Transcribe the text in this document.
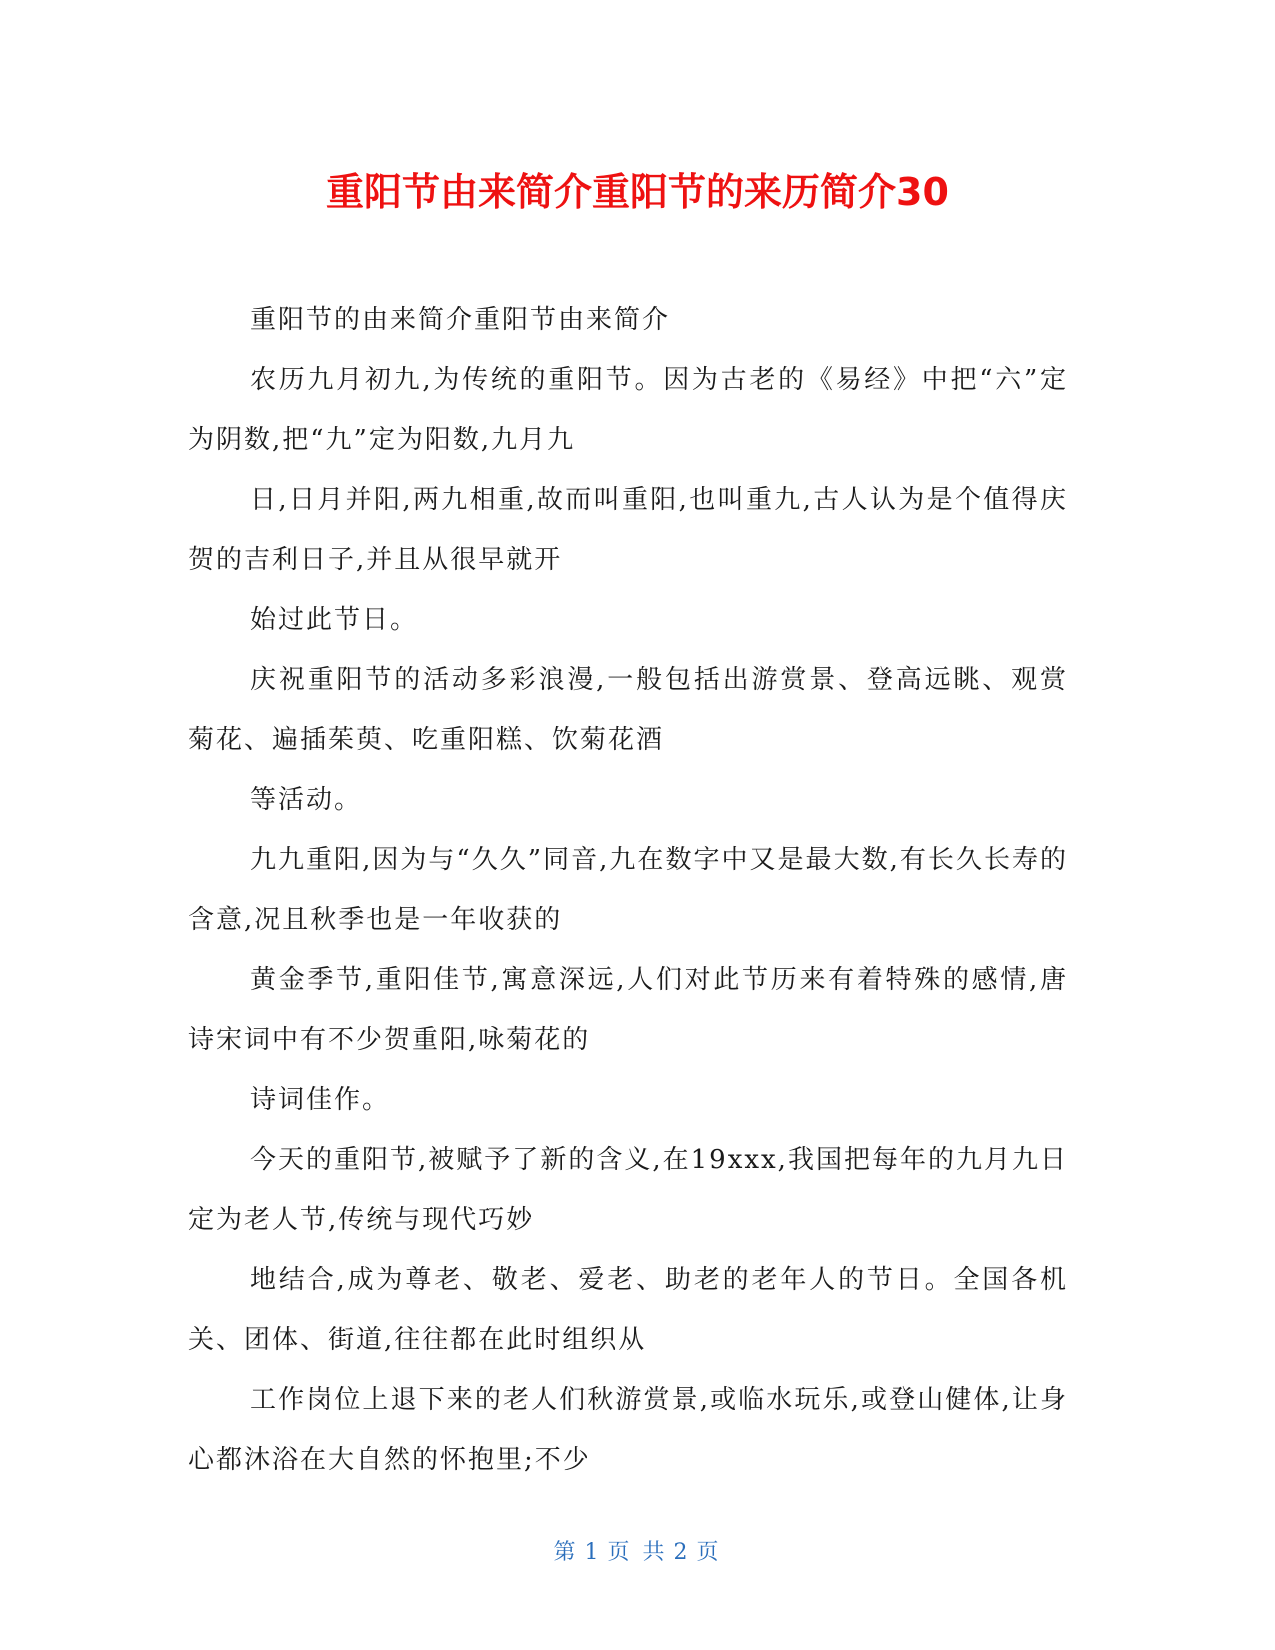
重阳节由来简介重阳节的来历简介30

重阳节的由来简介重阳节由来简介

农历九月初九,为传统的重阳节。因为古老的《易经》中把“六”定为阴数,把“九”定为阳数,九月九

日,日月并阳,两九相重,故而叫重阳,也叫重九,古人认为是个值得庆贺的吉利日子,并且从很早就开

始过此节日。

庆祝重阳节的活动多彩浪漫,一般包括出游赏景、登高远眺、观赏菊花、遍插茱萸、吃重阳糕、饮菊花酒

等活动。

九九重阳,因为与“久久”同音,九在数字中又是最大数,有长久长寿的含意,况且秋季也是一年收获的

黄金季节,重阳佳节,寓意深远,人们对此节历来有着特殊的感情,唐诗宋词中有不少贺重阳,咏菊花的

诗词佳作。

今天的重阳节,被赋予了新的含义,在19xxx,我国把每年的九月九日定为老人节,传统与现代巧妙

地结合,成为尊老、敬老、爱老、助老的老年人的节日。全国各机关、团体、街道,往往都在此时组织从

工作岗位上退下来的老人们秋游赏景,或临水玩乐,或登山健体,让身心都沐浴在大自然的怀抱里;不少

第 1 页 共 2 页
